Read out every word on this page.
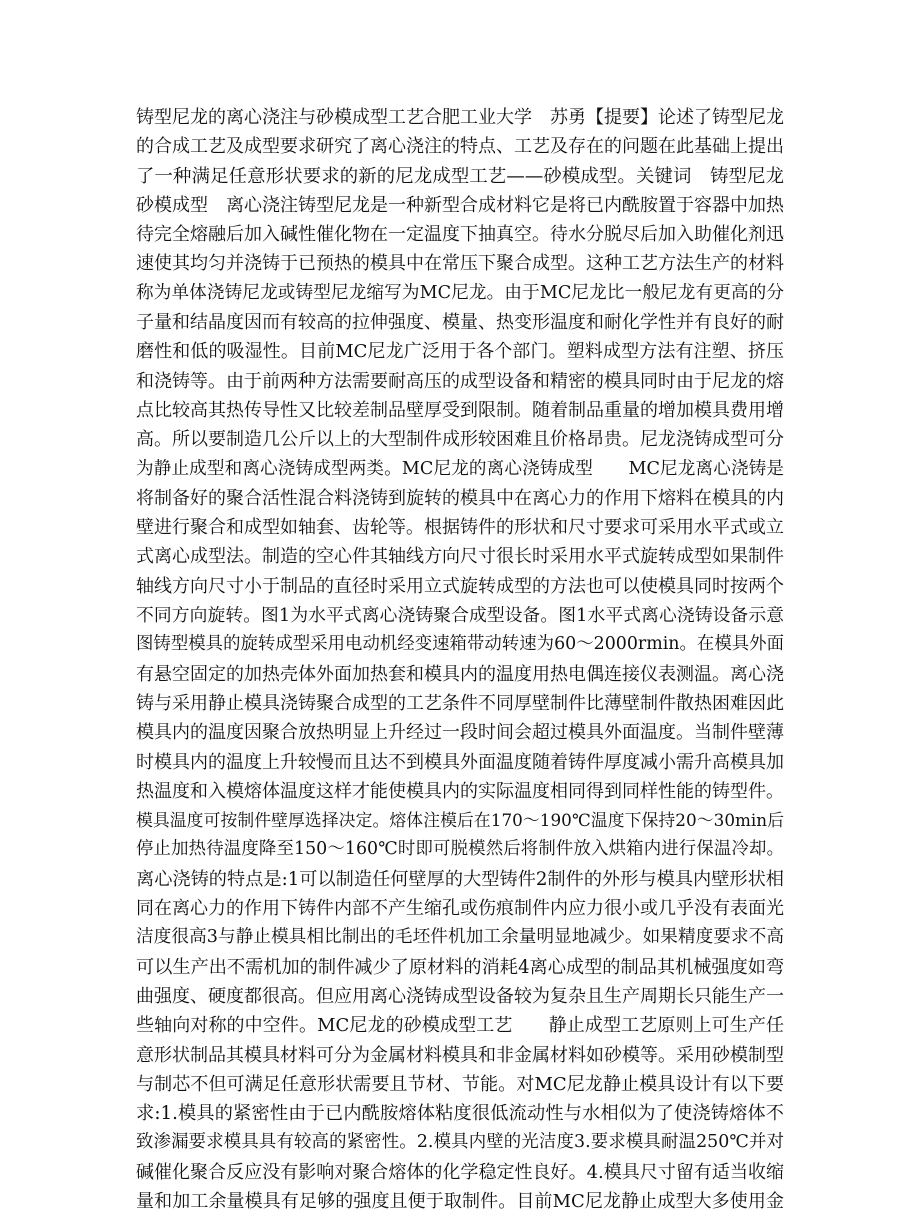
铸型尼龙的离心浇注与砂模成型工艺合肥工业大学　苏勇【提要】论述了铸型尼龙
的合成工艺及成型要求研究了离心浇注的特点、工艺及存在的问题在此基础上提出
了一种满足任意形状要求的新的尼龙成型工艺——砂模成型。关键词　铸型尼龙
砂模成型　离心浇注铸型尼龙是一种新型合成材料它是将已内酰胺置于容器中加热
待完全熔融后加入碱性催化物在一定温度下抽真空。待水分脱尽后加入助催化剂迅
速使其均匀并浇铸于已预热的模具中在常压下聚合成型。这种工艺方法生产的材料
称为单体浇铸尼龙或铸型尼龙缩写为MC尼龙。由于MC尼龙比一般尼龙有更高的分
子量和结晶度因而有较高的拉伸强度、模量、热变形温度和耐化学性并有良好的耐
磨性和低的吸湿性。目前MC尼龙广泛用于各个部门。塑料成型方法有注塑、挤压
和浇铸等。由于前两种方法需要耐高压的成型设备和精密的模具同时由于尼龙的熔
点比较高其热传导性又比较差制品壁厚受到限制。随着制品重量的增加模具费用增
高。所以要制造几公斤以上的大型制件成形较困难且价格昂贵。尼龙浇铸成型可分
为静止成型和离心浇铸成型两类。MC尼龙的离心浇铸成型　　MC尼龙离心浇铸是
将制备好的聚合活性混合料浇铸到旋转的模具中在离心力的作用下熔料在模具的内
壁进行聚合和成型如轴套、齿轮等。根据铸件的形状和尺寸要求可采用水平式或立
式离心成型法。制造的空心件其轴线方向尺寸很长时采用水平式旋转成型如果制件
轴线方向尺寸小于制品的直径时采用立式旋转成型的方法也可以使模具同时按两个
不同方向旋转。图1为水平式离心浇铸聚合成型设备。图1水平式离心浇铸设备示意
图铸型模具的旋转成型采用电动机经变速箱带动转速为60～2000rmin。在模具外面
有悬空固定的加热壳体外面加热套和模具内的温度用热电偶连接仪表测温。离心浇
铸与采用静止模具浇铸聚合成型的工艺条件不同厚壁制件比薄壁制件散热困难因此
模具内的温度因聚合放热明显上升经过一段时间会超过模具外面温度。当制件壁薄
时模具内的温度上升较慢而且达不到模具外面温度随着铸件厚度减小需升高模具加
热温度和入模熔体温度这样才能使模具内的实际温度相同得到同样性能的铸型件。
模具温度可按制件壁厚选择决定。熔体注模后在170～190℃温度下保持20～30min后
停止加热待温度降至150～160℃时即可脱模然后将制件放入烘箱内进行保温冷却。
离心浇铸的特点是:1可以制造任何壁厚的大型铸件2制件的外形与模具内壁形状相
同在离心力的作用下铸件内部不产生缩孔或伤痕制件内应力很小或几乎没有表面光
洁度很高3与静止模具相比制出的毛坯件机加工余量明显地减少。如果精度要求不高
可以生产出不需机加的制件减少了原材料的消耗4离心成型的制品其机械强度如弯
曲强度、硬度都很高。但应用离心浇铸成型设备较为复杂且生产周期长只能生产一
些轴向对称的中空件。MC尼龙的砂模成型工艺　　静止成型工艺原则上可生产任
意形状制品其模具材料可分为金属材料模具和非金属材料如砂模等。采用砂模制型
与制芯不但可满足任意形状需要且节材、节能。对MC尼龙静止模具设计有以下要
求:1.模具的紧密性由于已内酰胺熔体粘度很低流动性与水相似为了使浇铸熔体不
致渗漏要求模具具有较高的紧密性。2.模具内壁的光洁度3.要求模具耐温250℃并对
碱催化聚合反应没有影响对聚合熔体的化学稳定性良好。4.模具尺寸留有适当收缩
量和加工余量模具有足够的强度且便于取制件。目前MC尼龙静止成型大多使用金
